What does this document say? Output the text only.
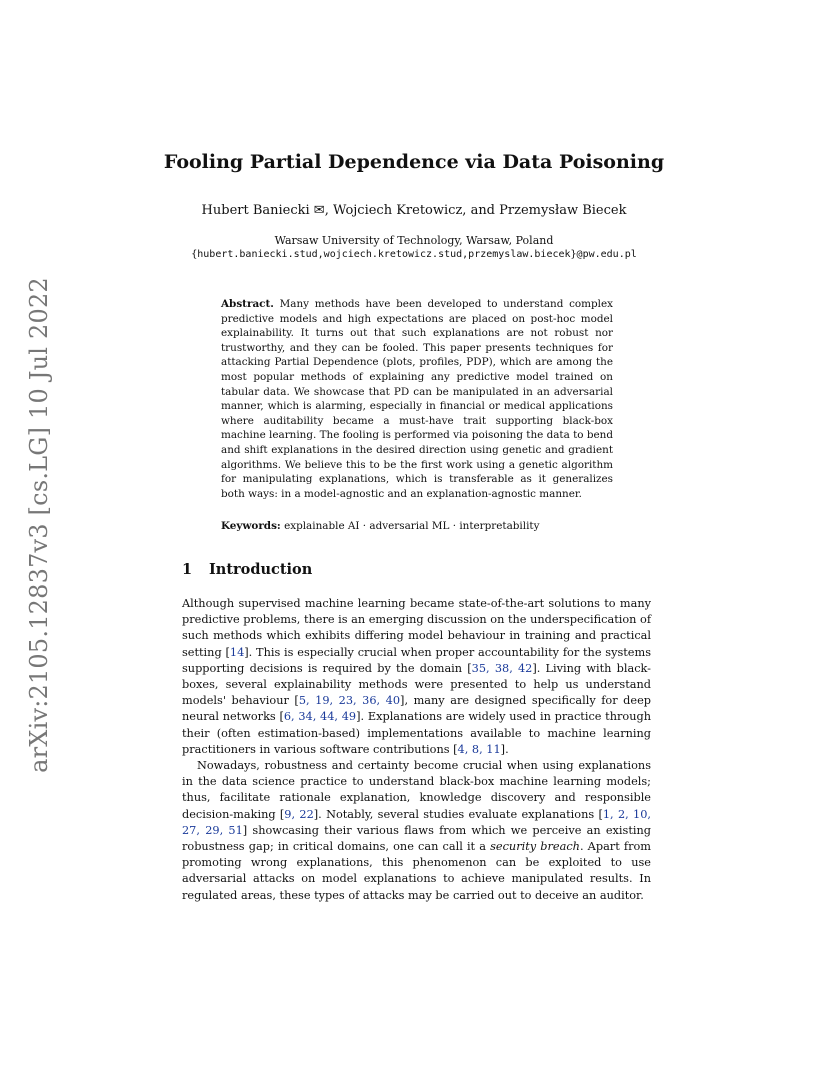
arXiv:2105.12837v3 [cs.LG] 10 Jul 2022
Fooling Partial Dependence via Data Poisoning
Hubert Baniecki ✉, Wojciech Kretowicz, and Przemysław Biecek
Warsaw University of Technology, Warsaw, Poland
{hubert.baniecki.stud,wojciech.kretowicz.stud,przemyslaw.biecek}@pw.edu.pl
Abstract. Many methods have been developed to understand complex predictive models and high expectations are placed on post-hoc model explainability. It turns out that such explanations are not robust nor trustworthy, and they can be fooled. This paper presents techniques for attacking Partial Dependence (plots, profiles, PDP), which are among the most popular methods of explaining any predictive model trained on tabular data. We showcase that PD can be manipulated in an adversarial manner, which is alarming, especially in financial or medical applications where auditability became a must-have trait supporting black-box machine learning. The fooling is performed via poisoning the data to bend and shift explanations in the desired direction using genetic and gradient algorithms. We believe this to be the first work using a genetic algorithm for manipulating explanations, which is transferable as it generalizes both ways: in a model-agnostic and an explanation-agnostic manner.
Keywords: explainable AI · adversarial ML · interpretability
1 Introduction

Although supervised machine learning became state-of-the-art solutions to many predictive problems, there is an emerging discussion on the underspecification of such methods which exhibits differing model behaviour in training and practical setting [14]. This is especially crucial when proper accountability for the systems supporting decisions is required by the domain [35, 38, 42]. Living with black-boxes, several explainability methods were presented to help us understand models' behaviour [5, 19, 23, 36, 40], many are designed specifically for deep neural networks [6, 34, 44, 49]. Explanations are widely used in practice through their (often estimation-based) implementations available to machine learning practitioners in various software contributions [4, 8, 11].

Nowadays, robustness and certainty become crucial when using explanations in the data science practice to understand black-box machine learning models; thus, facilitate rationale explanation, knowledge discovery and responsible decision-making [9, 22]. Notably, several studies evaluate explanations [1, 2, 10, 27, 29, 51] showcasing their various flaws from which we perceive an existing robustness gap; in critical domains, one can call it a security breach. Apart from promoting wrong explanations, this phenomenon can be exploited to use adversarial attacks on model explanations to achieve manipulated results. In regulated areas, these types of attacks may be carried out to deceive an auditor.
